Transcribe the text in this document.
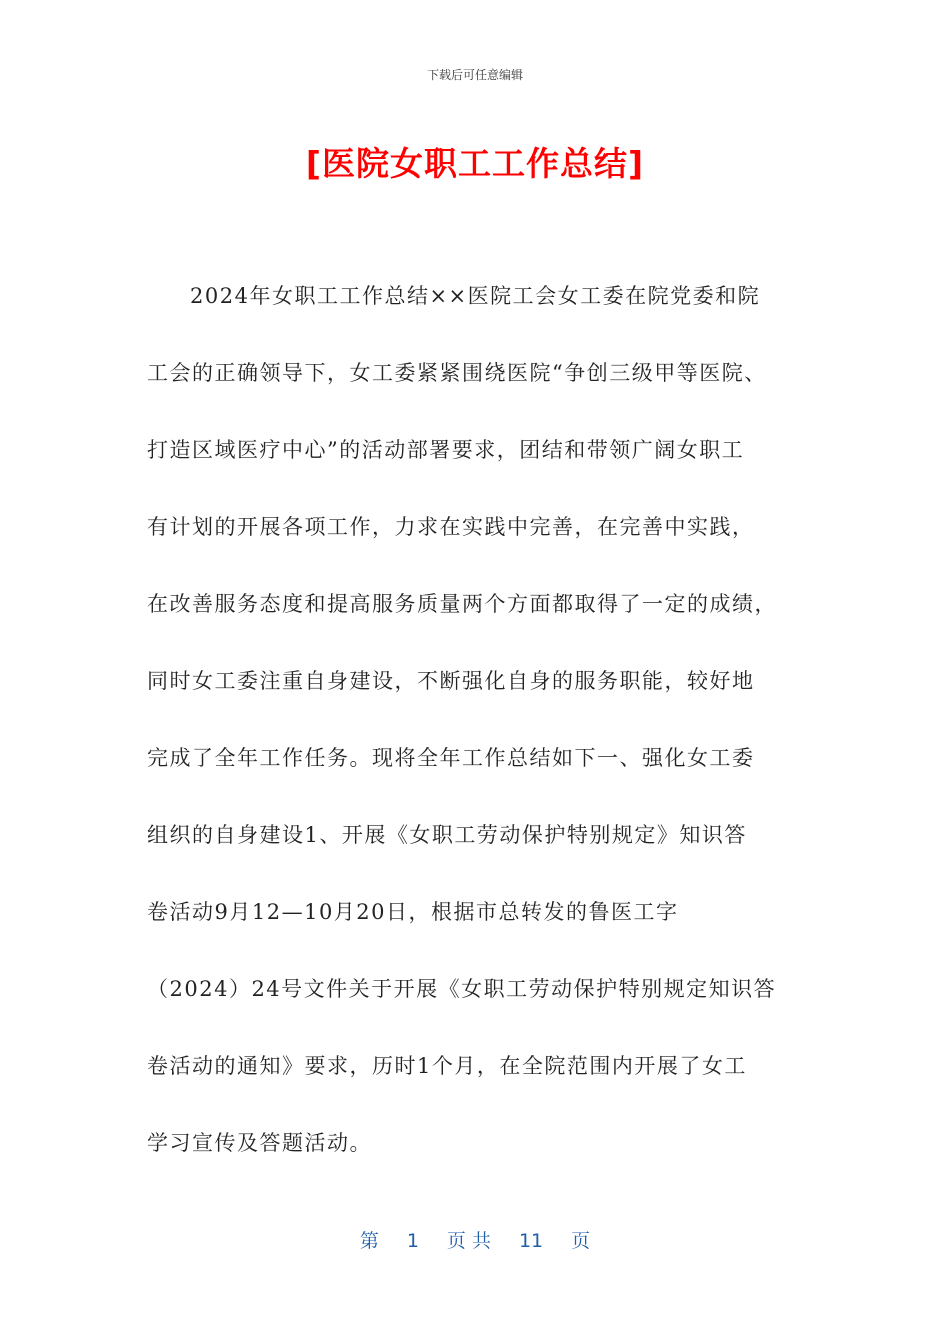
下载后可任意编辑
[医院女职工工作总结]
2024年女职工工作总结××医院工会女工委在院党委和院
工会的正确领导下，女工委紧紧围绕医院“争创三级甲等医院、
打造区域医疗中心”的活动部署要求，团结和带领广阔女职工
有计划的开展各项工作，力求在实践中完善，在完善中实践，
在改善服务态度和提高服务质量两个方面都取得了一定的成绩，
同时女工委注重自身建设，不断强化自身的服务职能，较好地
完成了全年工作任务。现将全年工作总结如下一、强化女工委
组织的自身建设1、开展《女职工劳动保护特别规定》知识答
卷活动9月12—10月20日，根据市总转发的鲁医工字
（2024）24号文件关于开展《女职工劳动保护特别规定知识答
卷活动的通知》要求，历时1个月，在全院范围内开展了女工
学习宣传及答题活动。
第 1 页 共 11 页
